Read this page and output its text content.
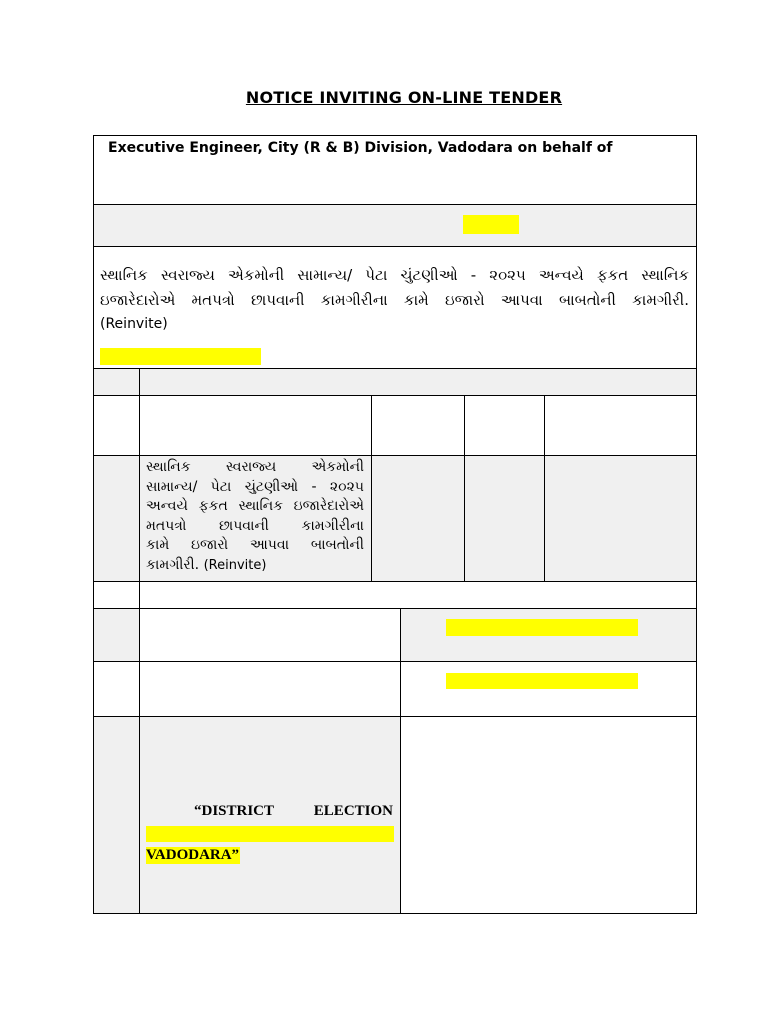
NOTICE INVITING ON-LINE TENDER
Executive Engineer, City (R & B) Division, Vadodara on behalf of
સ્થાનિક સ્વરાજ્ય એકમોની સામાન્ય/ પેટા ચુંટણીઓ - ૨૦૨૫ અન્વયે ફકત સ્થાનિક
ઇજારેદારોએ મતપત્રો છાપવાની કામગીરીના કામે ઇજારો આપવા બાબતોની કામગીરી.
(Reinvite)
સ્થાનિક સ્વરાજ્ય એકમોની
સામાન્ય/ પેટા ચુંટણીઓ - ૨૦૨૫
અન્વયે ફકત સ્થાનિક ઇજારેદારોએ
મતપત્રો છાપવાની કામગીરીના
કામે ઇજારો આપવા બાબતોની
કામગીરી. (Reinvite)
“DISTRICT ELECTION
VADODARA”
